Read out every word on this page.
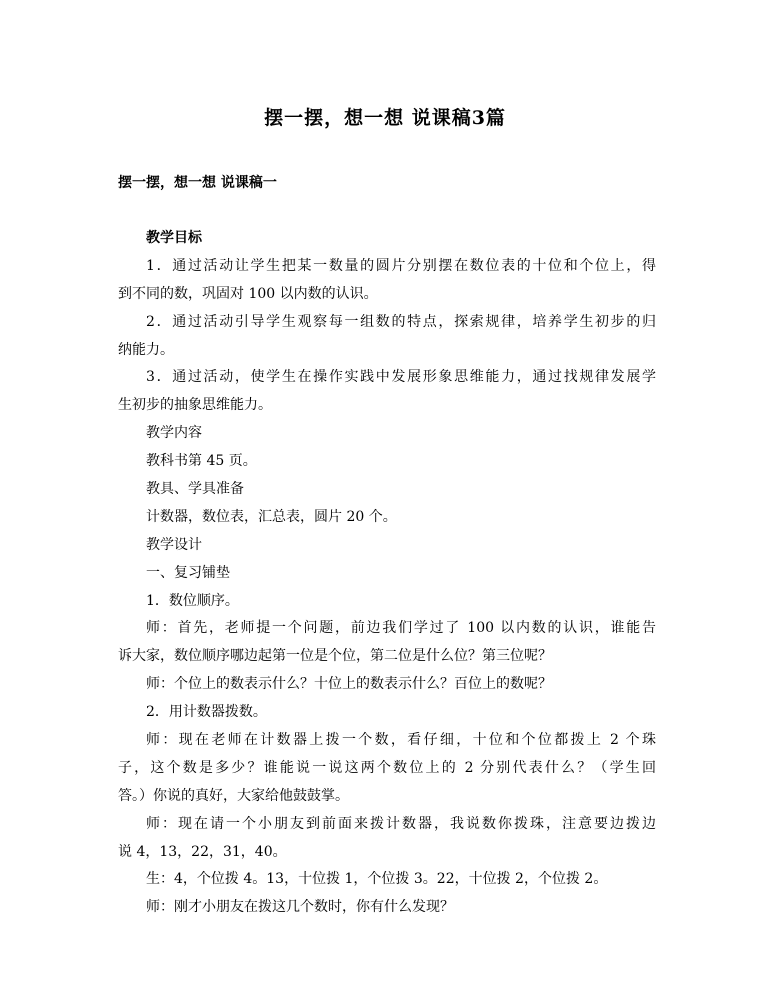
摆一摆，想一想 说课稿3篇
摆一摆，想一想 说课稿一
教学目标
1．通过活动让学生把某一数量的圆片分别摆在数位表的十位和个位上，得
到不同的数，巩固对 100 以内数的认识。
2．通过活动引导学生观察每一组数的特点，探索规律，培养学生初步的归
纳能力。
3．通过活动，使学生在操作实践中发展形象思维能力，通过找规律发展学
生初步的抽象思维能力。
教学内容
教科书第 45 页。
教具、学具准备
计数器，数位表，汇总表，圆片 20 个。
教学设计
一、复习铺垫
1．数位顺序。
师：首先，老师提一个问题，前边我们学过了 100 以内数的认识，谁能告
诉大家，数位顺序哪边起第一位是个位，第二位是什么位？第三位呢？
师：个位上的数表示什么？十位上的数表示什么？百位上的数呢？
2．用计数器拨数。
师：现在老师在计数器上拨一个数，看仔细，十位和个位都拨上 2 个珠
子，这个数是多少？谁能说一说这两个数位上的 2 分别代表什么？（学生回
答。）你说的真好，大家给他鼓鼓掌。
师：现在请一个小朋友到前面来拨计数器，我说数你拨珠，注意要边拨边
说 4，13，22，31，40。
生：4，个位拨 4。13，十位拨 1，个位拨 3。22，十位拨 2，个位拨 2。
师：刚才小朋友在拨这几个数时，你有什么发现？
